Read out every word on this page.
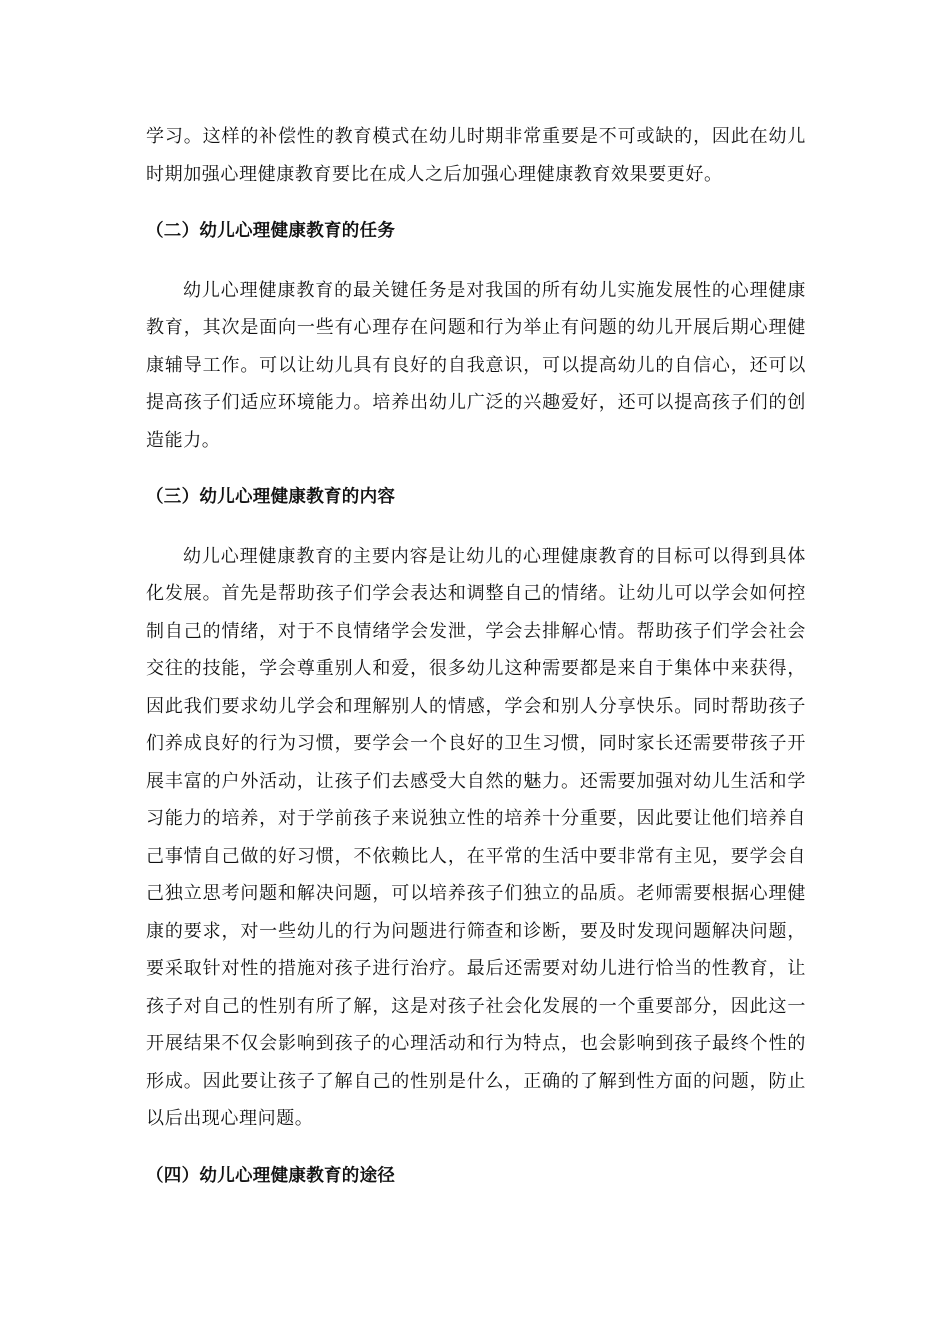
学习。这样的补偿性的教育模式在幼儿时期非常重要是不可或缺的，因此在幼儿时期加强心理健康教育要比在成人之后加强心理健康教育效果要更好。

（二）幼儿心理健康教育的任务

幼儿心理健康教育的最关键任务是对我国的所有幼儿实施发展性的心理健康教育，其次是面向一些有心理存在问题和行为举止有问题的幼儿开展后期心理健康辅导工作。可以让幼儿具有良好的自我意识，可以提高幼儿的自信心，还可以提高孩子们适应环境能力。培养出幼儿广泛的兴趣爱好，还可以提高孩子们的创造能力。

（三）幼儿心理健康教育的内容

幼儿心理健康教育的主要内容是让幼儿的心理健康教育的目标可以得到具体化发展。首先是帮助孩子们学会表达和调整自己的情绪。让幼儿可以学会如何控制自己的情绪，对于不良情绪学会发泄，学会去排解心情。帮助孩子们学会社会交往的技能，学会尊重别人和爱，很多幼儿这种需要都是来自于集体中来获得，因此我们要求幼儿学会和理解别人的情感，学会和别人分享快乐。同时帮助孩子们养成良好的行为习惯，要学会一个良好的卫生习惯，同时家长还需要带孩子开展丰富的户外活动，让孩子们去感受大自然的魅力。还需要加强对幼儿生活和学习能力的培养，对于学前孩子来说独立性的培养十分重要，因此要让他们培养自己事情自己做的好习惯，不依赖比人，在平常的生活中要非常有主见，要学会自己独立思考问题和解决问题，可以培养孩子们独立的品质。老师需要根据心理健康的要求，对一些幼儿的行为问题进行筛查和诊断，要及时发现问题解决问题，要采取针对性的措施对孩子进行治疗。最后还需要对幼儿进行恰当的性教育，让孩子对自己的性别有所了解，这是对孩子社会化发展的一个重要部分，因此这一开展结果不仅会影响到孩子的心理活动和行为特点，也会影响到孩子最终个性的形成。因此要让孩子了解自己的性别是什么，正确的了解到性方面的问题，防止以后出现心理问题。

（四）幼儿心理健康教育的途径
